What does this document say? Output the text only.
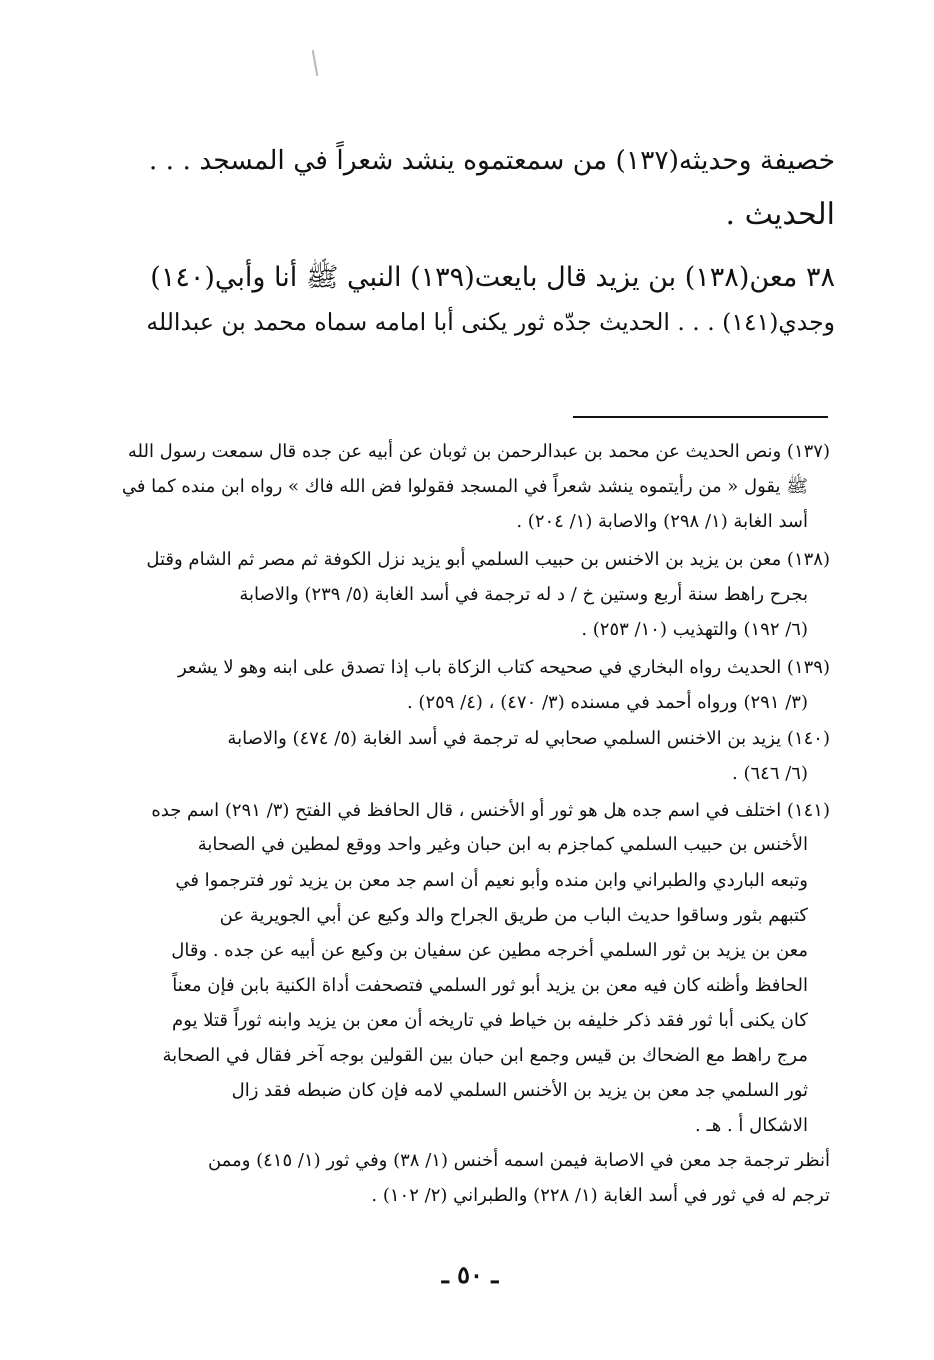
خصيفة وحديثه(١٣٧) من سمعتموه ينشد شعراً في المسجد . . .
الحديث .
٣٨ معن(١٣٨) بن يزيد قال بايعت(١٣٩) النبي ﷺ أنا وأبي(١٤٠)
وجدي(١٤١) . . . الحديث جدّه ثور يكنى أبا امامه سماه محمد بن عبدالله
(١٣٧) ونص الحديث عن محمد بن عبدالرحمن بن ثوبان عن أبيه عن جده قال سمعت رسول الله
ﷺ يقول « من رأيتموه ينشد شعراً في المسجد فقولوا فض الله فاك » رواه ابن منده كما في
أسد الغابة (١/ ٢٩٨) والاصابة (١/ ٢٠٤) .
(١٣٨) معن بن يزيد بن الاخنس بن حبيب السلمي أبو يزيد نزل الكوفة ثم مصر ثم الشام وقتل
بجرح راهط سنة أربع وستين خ / د له ترجمة في أسد الغابة (٥/ ٢٣٩) والاصابة
(٦/ ١٩٢) والتهذيب (١٠/ ٢٥٣) .
(١٣٩) الحديث رواه البخاري في صحيحه كتاب الزكاة باب إذا تصدق على ابنه وهو لا يشعر
(٣/ ٢٩١) ورواه أحمد في مسنده (٣/ ٤٧٠) ، (٤/ ٢٥٩) .
(١٤٠) يزيد بن الاخنس السلمي صحابي له ترجمة في أسد الغابة (٥/ ٤٧٤) والاصابة
(٦/ ٦٤٦) .
(١٤١) اختلف في اسم جده هل هو ثور أو الأخنس ، قال الحافظ في الفتح (٣/ ٢٩١) اسم جده
الأخنس بن حبيب السلمي كماجزم به ابن حبان وغير واحد ووقع لمطين في الصحابة
وتبعه الباردي والطبراني وابن منده وأبو نعيم أن اسم جد معن بن يزيد ثور فترجموا في
كتبهم بثور وساقوا حديث الباب من طريق الجراح والد وكيع عن أبي الجويرية عن
معن بن يزيد بن ثور السلمي أخرجه مطين عن سفيان بن وكيع عن أبيه عن جده . وقال
الحافظ وأظنه كان فيه معن بن يزيد أبو ثور السلمي فتصحفت أداة الكنية بابن فإن معناً
كان يكنى أبا ثور فقد ذكر خليفه بن خياط في تاريخه أن معن بن يزيد وابنه ثوراً قتلا يوم
مرج راهط مع الضحاك بن قيس وجمع ابن حبان بين القولين بوجه آخر فقال في الصحابة
ثور السلمي جد معن بن يزيد بن الأخنس السلمي لامه فإن كان ضبطه فقد زال
الاشكال أ . هـ .
أنظر ترجمة جد معن في الاصابة فيمن اسمه أخنس (١/ ٣٨) وفي ثور (١/ ٤١٥) وممن
ترجم له في ثور في أسد الغابة (١/ ٢٢٨) والطبراني (٢/ ١٠٢) .
ـ ٥٠ ـ
